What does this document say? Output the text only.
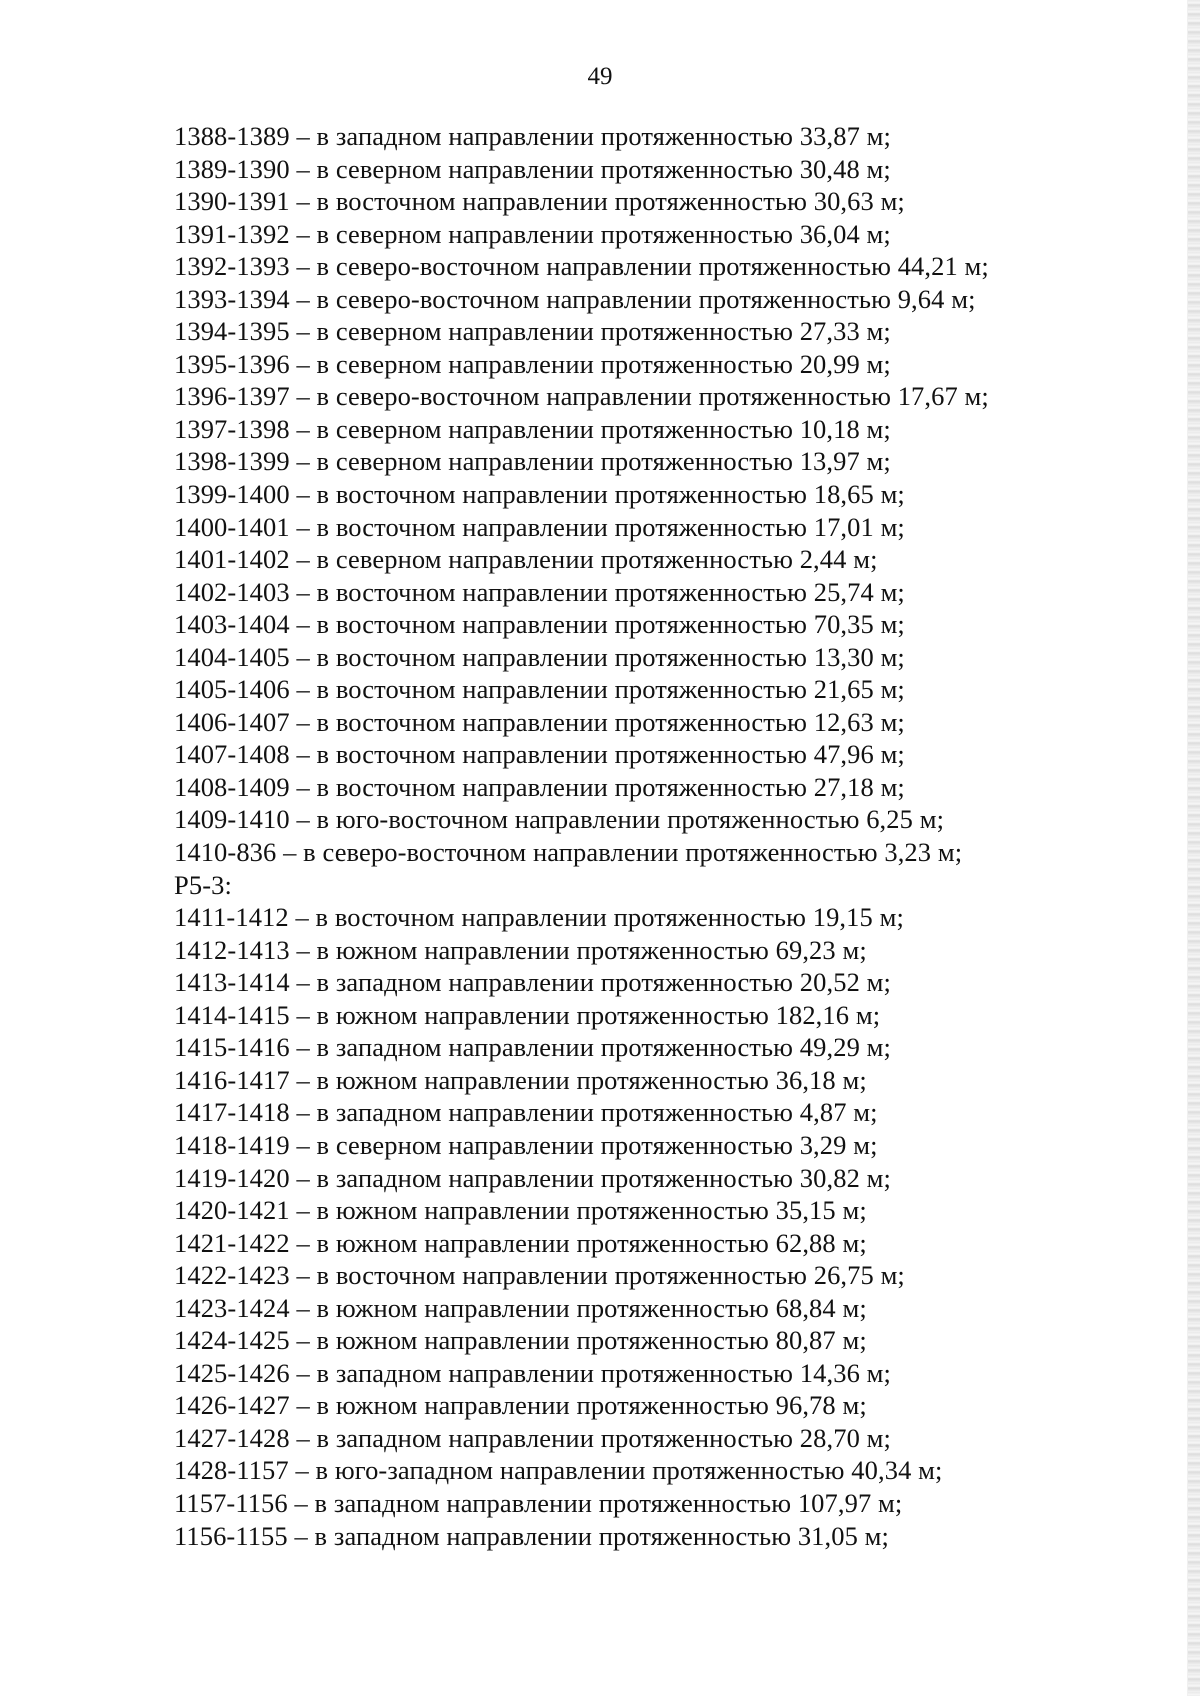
49
1388-1389 – в западном направлении протяженностью 33,87 м;
1389-1390 – в северном направлении протяженностью 30,48 м;
1390-1391 – в восточном направлении протяженностью 30,63 м;
1391-1392 – в северном направлении протяженностью 36,04 м;
1392-1393 – в северо-восточном направлении протяженностью 44,21 м;
1393-1394 – в северо-восточном направлении протяженностью 9,64 м;
1394-1395 – в северном направлении протяженностью 27,33 м;
1395-1396 – в северном направлении протяженностью 20,99 м;
1396-1397 – в северо-восточном направлении протяженностью 17,67 м;
1397-1398 – в северном направлении протяженностью 10,18 м;
1398-1399 – в северном направлении протяженностью 13,97 м;
1399-1400 – в восточном направлении протяженностью 18,65 м;
1400-1401 – в восточном направлении протяженностью 17,01 м;
1401-1402 – в северном направлении протяженностью 2,44 м;
1402-1403 – в восточном направлении протяженностью 25,74 м;
1403-1404 – в восточном направлении протяженностью 70,35 м;
1404-1405 – в восточном направлении протяженностью 13,30 м;
1405-1406 – в восточном направлении протяженностью 21,65 м;
1406-1407 – в восточном направлении протяженностью 12,63 м;
1407-1408 – в восточном направлении протяженностью 47,96 м;
1408-1409 – в восточном направлении протяженностью 27,18 м;
1409-1410 – в юго-восточном направлении протяженностью 6,25 м;
1410-836 – в северо-восточном направлении протяженностью 3,23 м;
Р5-3:
1411-1412 – в восточном направлении протяженностью 19,15 м;
1412-1413 – в южном направлении протяженностью 69,23 м;
1413-1414 – в западном направлении протяженностью 20,52 м;
1414-1415 – в южном направлении протяженностью 182,16 м;
1415-1416 – в западном направлении протяженностью 49,29 м;
1416-1417 – в южном направлении протяженностью 36,18 м;
1417-1418 – в западном направлении протяженностью 4,87 м;
1418-1419 – в северном направлении протяженностью 3,29 м;
1419-1420 – в западном направлении протяженностью 30,82 м;
1420-1421 – в южном направлении протяженностью 35,15 м;
1421-1422 – в южном направлении протяженностью 62,88 м;
1422-1423 – в восточном направлении протяженностью 26,75 м;
1423-1424 – в южном направлении протяженностью 68,84 м;
1424-1425 – в южном направлении протяженностью 80,87 м;
1425-1426 – в западном направлении протяженностью 14,36 м;
1426-1427 – в южном направлении протяженностью 96,78 м;
1427-1428 – в западном направлении протяженностью 28,70 м;
1428-1157 – в юго-западном направлении протяженностью 40,34 м;
1157-1156 – в западном направлении протяженностью 107,97 м;
1156-1155 – в западном направлении протяженностью 31,05 м;
